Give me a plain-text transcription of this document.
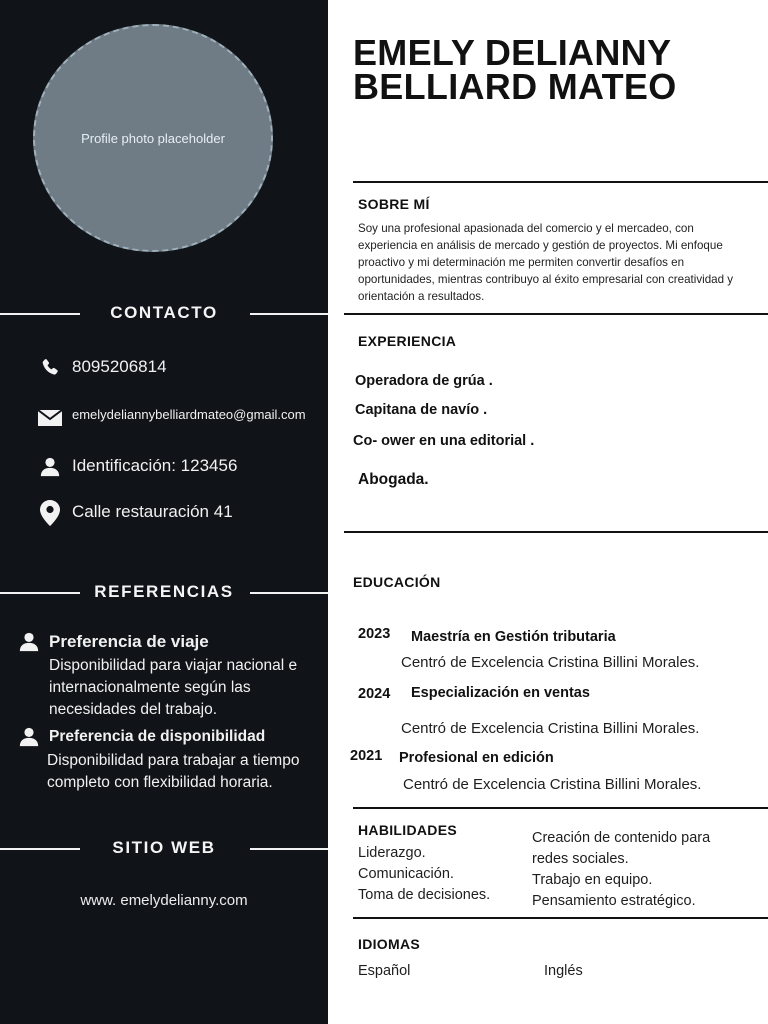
Profile photo placeholder
CONTACTO
8095206814
emelydeliannybelliardmateo@gmail.com
Identificación: 123456
Calle restauración 41
REFERENCIAS
Preferencia de viaje
Disponibilidad para viajar nacional e internacionalmente según las necesidades del trabajo.
Preferencia de disponibilidad
Disponibilidad para trabajar a tiempo completo con flexibilidad horaria.
SITIO WEB
www. emelydelianny.com
EMELY DELIANNY
BELLIARD MATEO
SOBRE MÍ
Soy una profesional apasionada del comercio y el mercadeo, con experiencia en análisis de mercado y gestión de proyectos. Mi enfoque proactivo y mi determinación me permiten convertir desafíos en oportunidades, mientras contribuyo al éxito empresarial con creatividad y orientación a resultados.
EXPERIENCIA
Operadora de grúa .
Capitana de navío .
Co- ower en una editorial .
Abogada.
EDUCACIÓN
2023 Maestría en Gestión tributaria
Centró de Excelencia Cristina Billini Morales.
2024 Especialización en ventas
Centró de Excelencia Cristina Billini Morales.
2021 Profesional en edición
Centró de Excelencia Cristina Billini Morales.
HABILIDADES
Liderazgo.
Comunicación.
Toma de decisiones.
Creación de contenido para
redes sociales.
Trabajo en equipo.
Pensamiento estratégico.
IDIOMAS
Español	Inglés
